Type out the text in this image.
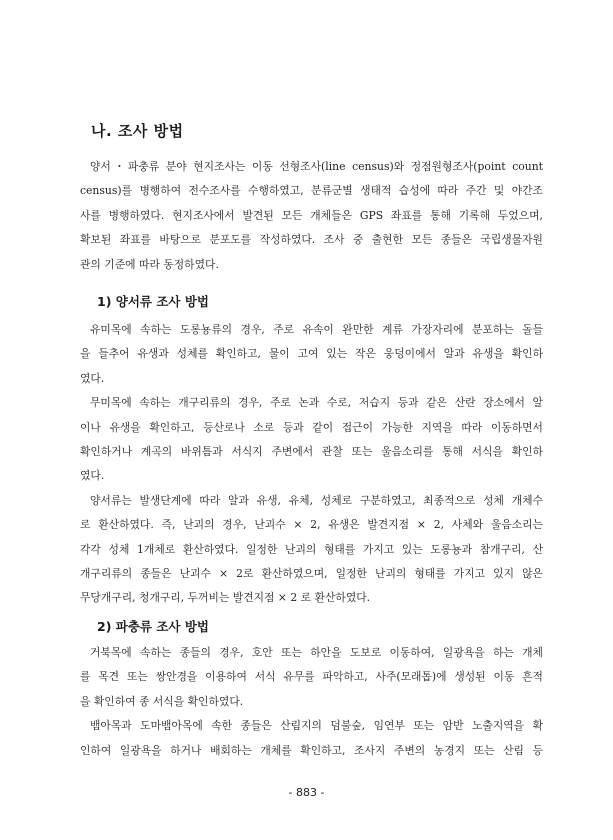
나. 조사 방법
양서・파충류 분야 현지조사는 이동 선형조사(line census)와 정점원형조사(point count
census)를 병행하여 전수조사를 수행하였고, 분류군별 생태적 습성에 따라 주간 및 야간조
사를 병행하였다. 현지조사에서 발견된 모든 개체들은 GPS 좌표를 통해 기록해 두었으며,
확보된 좌표를 바탕으로 분포도를 작성하였다. 조사 중 출현한 모든 종들은 국립생물자원
관의 기준에 따라 동정하였다.
1) 양서류 조사 방법
유미목에 속하는 도롱뇽류의 경우, 주로 유속이 완만한 계류 가장자리에 분포하는 돌들
을 들추어 유생과 성체를 확인하고, 물이 고여 있는 작은 웅덩이에서 알과 유생을 확인하
였다.
무미목에 속하는 개구리류의 경우, 주로 논과 수로, 저습지 등과 같은 산란 장소에서 알
이나 유생을 확인하고, 등산로나 소로 등과 같이 접근이 가능한 지역을 따라 이동하면서
확인하거나 계곡의 바위틈과 서식지 주변에서 관찰 또는 울음소리를 통해 서식을 확인하
였다.
양서류는 발생단계에 따라 알과 유생, 유체, 성체로 구분하였고, 최종적으로 성체 개체수
로 환산하였다. 즉, 난괴의 경우, 난괴수 × 2, 유생은 발견지점 × 2, 사체와 울음소리는
각각 성체 1개체로 환산하였다. 일정한 난괴의 형태를 가지고 있는 도롱뇽과 참개구리, 산
개구리류의 종들은 난괴수 × 2로 환산하였으며, 일정한 난괴의 형태를 가지고 있지 않은
무당개구리, 청개구리, 두꺼비는 발견지점 × 2 로 환산하였다.
2) 파충류 조사 방법
거북목에 속하는 종들의 경우, 호안 또는 하안을 도보로 이동하여, 일광욕을 하는 개체
를 목견 또는 쌍안경을 이용하여 서식 유무를 파악하고, 사주(모래톱)에 생성된 이동 흔적
을 확인하여 종 서식을 확인하였다.
뱀아목과 도마뱀아목에 속한 종들은 산림지의 덤불숲, 임연부 또는 암반 노출지역을 확
인하여 일광욕을 하거나 배회하는 개체를 확인하고, 조사지 주변의 농경지 또는 산림 등
- 883 -
